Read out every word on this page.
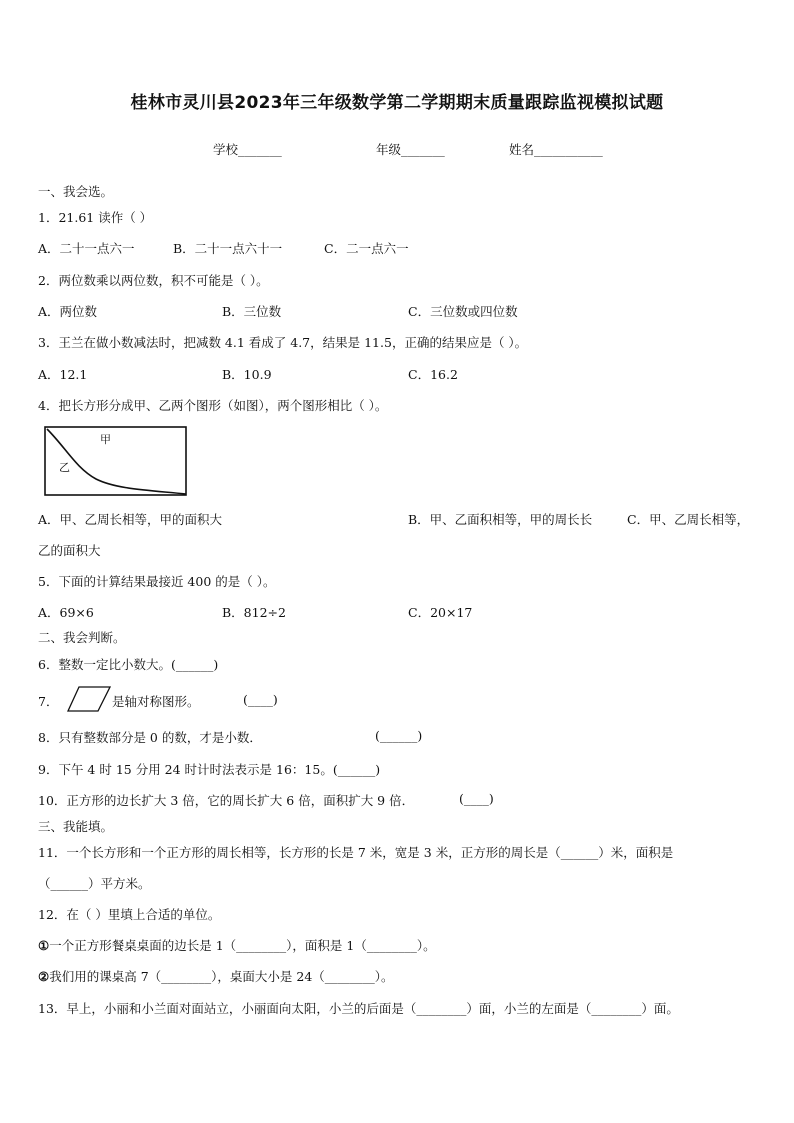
桂林市灵川县2023年三年级数学第二学期期末质量跟踪监视模拟试题
学校_______	年级_______	姓名___________
一、我会选。
1．21.61 读作（ ）
A．二十一点六一	B．二十一点六十一	C．二一点六一
2．两位数乘以两位数，积不可能是（ ）。
A．两位数	B．三位数	C．三位数或四位数
3．王兰在做小数减法时，把减数 4.1 看成了 4.7，结果是 11.5，正确的结果应是（ ）。
A．12.1	B．10.9	C．16.2
4．把长方形分成甲、乙两个图形（如图），两个图形相比（ ）。
甲
乙
A．甲、乙周长相等，甲的面积大	B．甲、乙面积相等，甲的周长长	C．甲、乙周长相等，
乙的面积大
5．下面的计算结果最接近 400 的是（ ）。
A．69×6	B．812÷2	C．20×17
二、我会判断。
6．整数一定比小数大。(______)
7．	是轴对称图形。	(____)
8．只有整数部分是 0 的数，才是小数．	(______)
9．下午 4 时 15 分用 24 时计时法表示是 16：15。(______)
10．正方形的边长扩大 3 倍，它的周长扩大 6 倍，面积扩大 9 倍．	(____)
三、我能填。
11．一个长方形和一个正方形的周长相等，长方形的长是 7 米，宽是 3 米，正方形的周长是（______）米，面积是
（______）平方米。
12．在（ ）里填上合适的单位。
①一个正方形餐桌桌面的边长是 1（________），面积是 1（________）。
②我们用的课桌高 7（________），桌面大小是 24（________）。
13．早上，小丽和小兰面对面站立，小丽面向太阳，小兰的后面是（________）面，小兰的左面是（________）面。
